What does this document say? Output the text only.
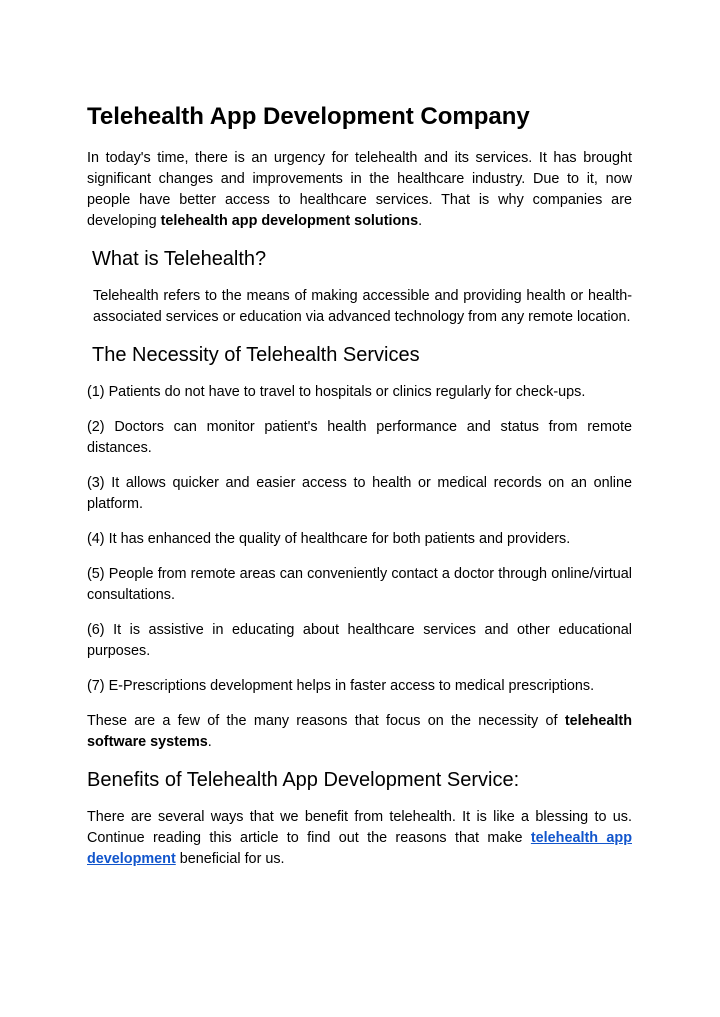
Telehealth App Development Company

In today's time, there is an urgency for telehealth and its services. It has brought significant changes and improvements in the healthcare industry. Due to it, now people have better access to healthcare services. That is why companies are developing telehealth app development solutions.

What is Telehealth?

Telehealth refers to the means of making accessible and providing health or health-associated services or education via advanced technology from any remote location.

The Necessity of Telehealth Services

(1) Patients do not have to travel to hospitals or clinics regularly for check-ups.

(2) Doctors can monitor patient's health performance and status from remote distances.

(3) It allows quicker and easier access to health or medical records on an online platform.

(4) It has enhanced the quality of healthcare for both patients and providers.

(5) People from remote areas can conveniently contact a doctor through online/virtual consultations.

(6) It is assistive in educating about healthcare services and other educational purposes.

(7) E-Prescriptions development helps in faster access to medical prescriptions.

These are a few of the many reasons that focus on the necessity of telehealth software systems.

Benefits of Telehealth App Development Service:

There are several ways that we benefit from telehealth. It is like a blessing to us. Continue reading this article to find out the reasons that make telehealth app development beneficial for us.
